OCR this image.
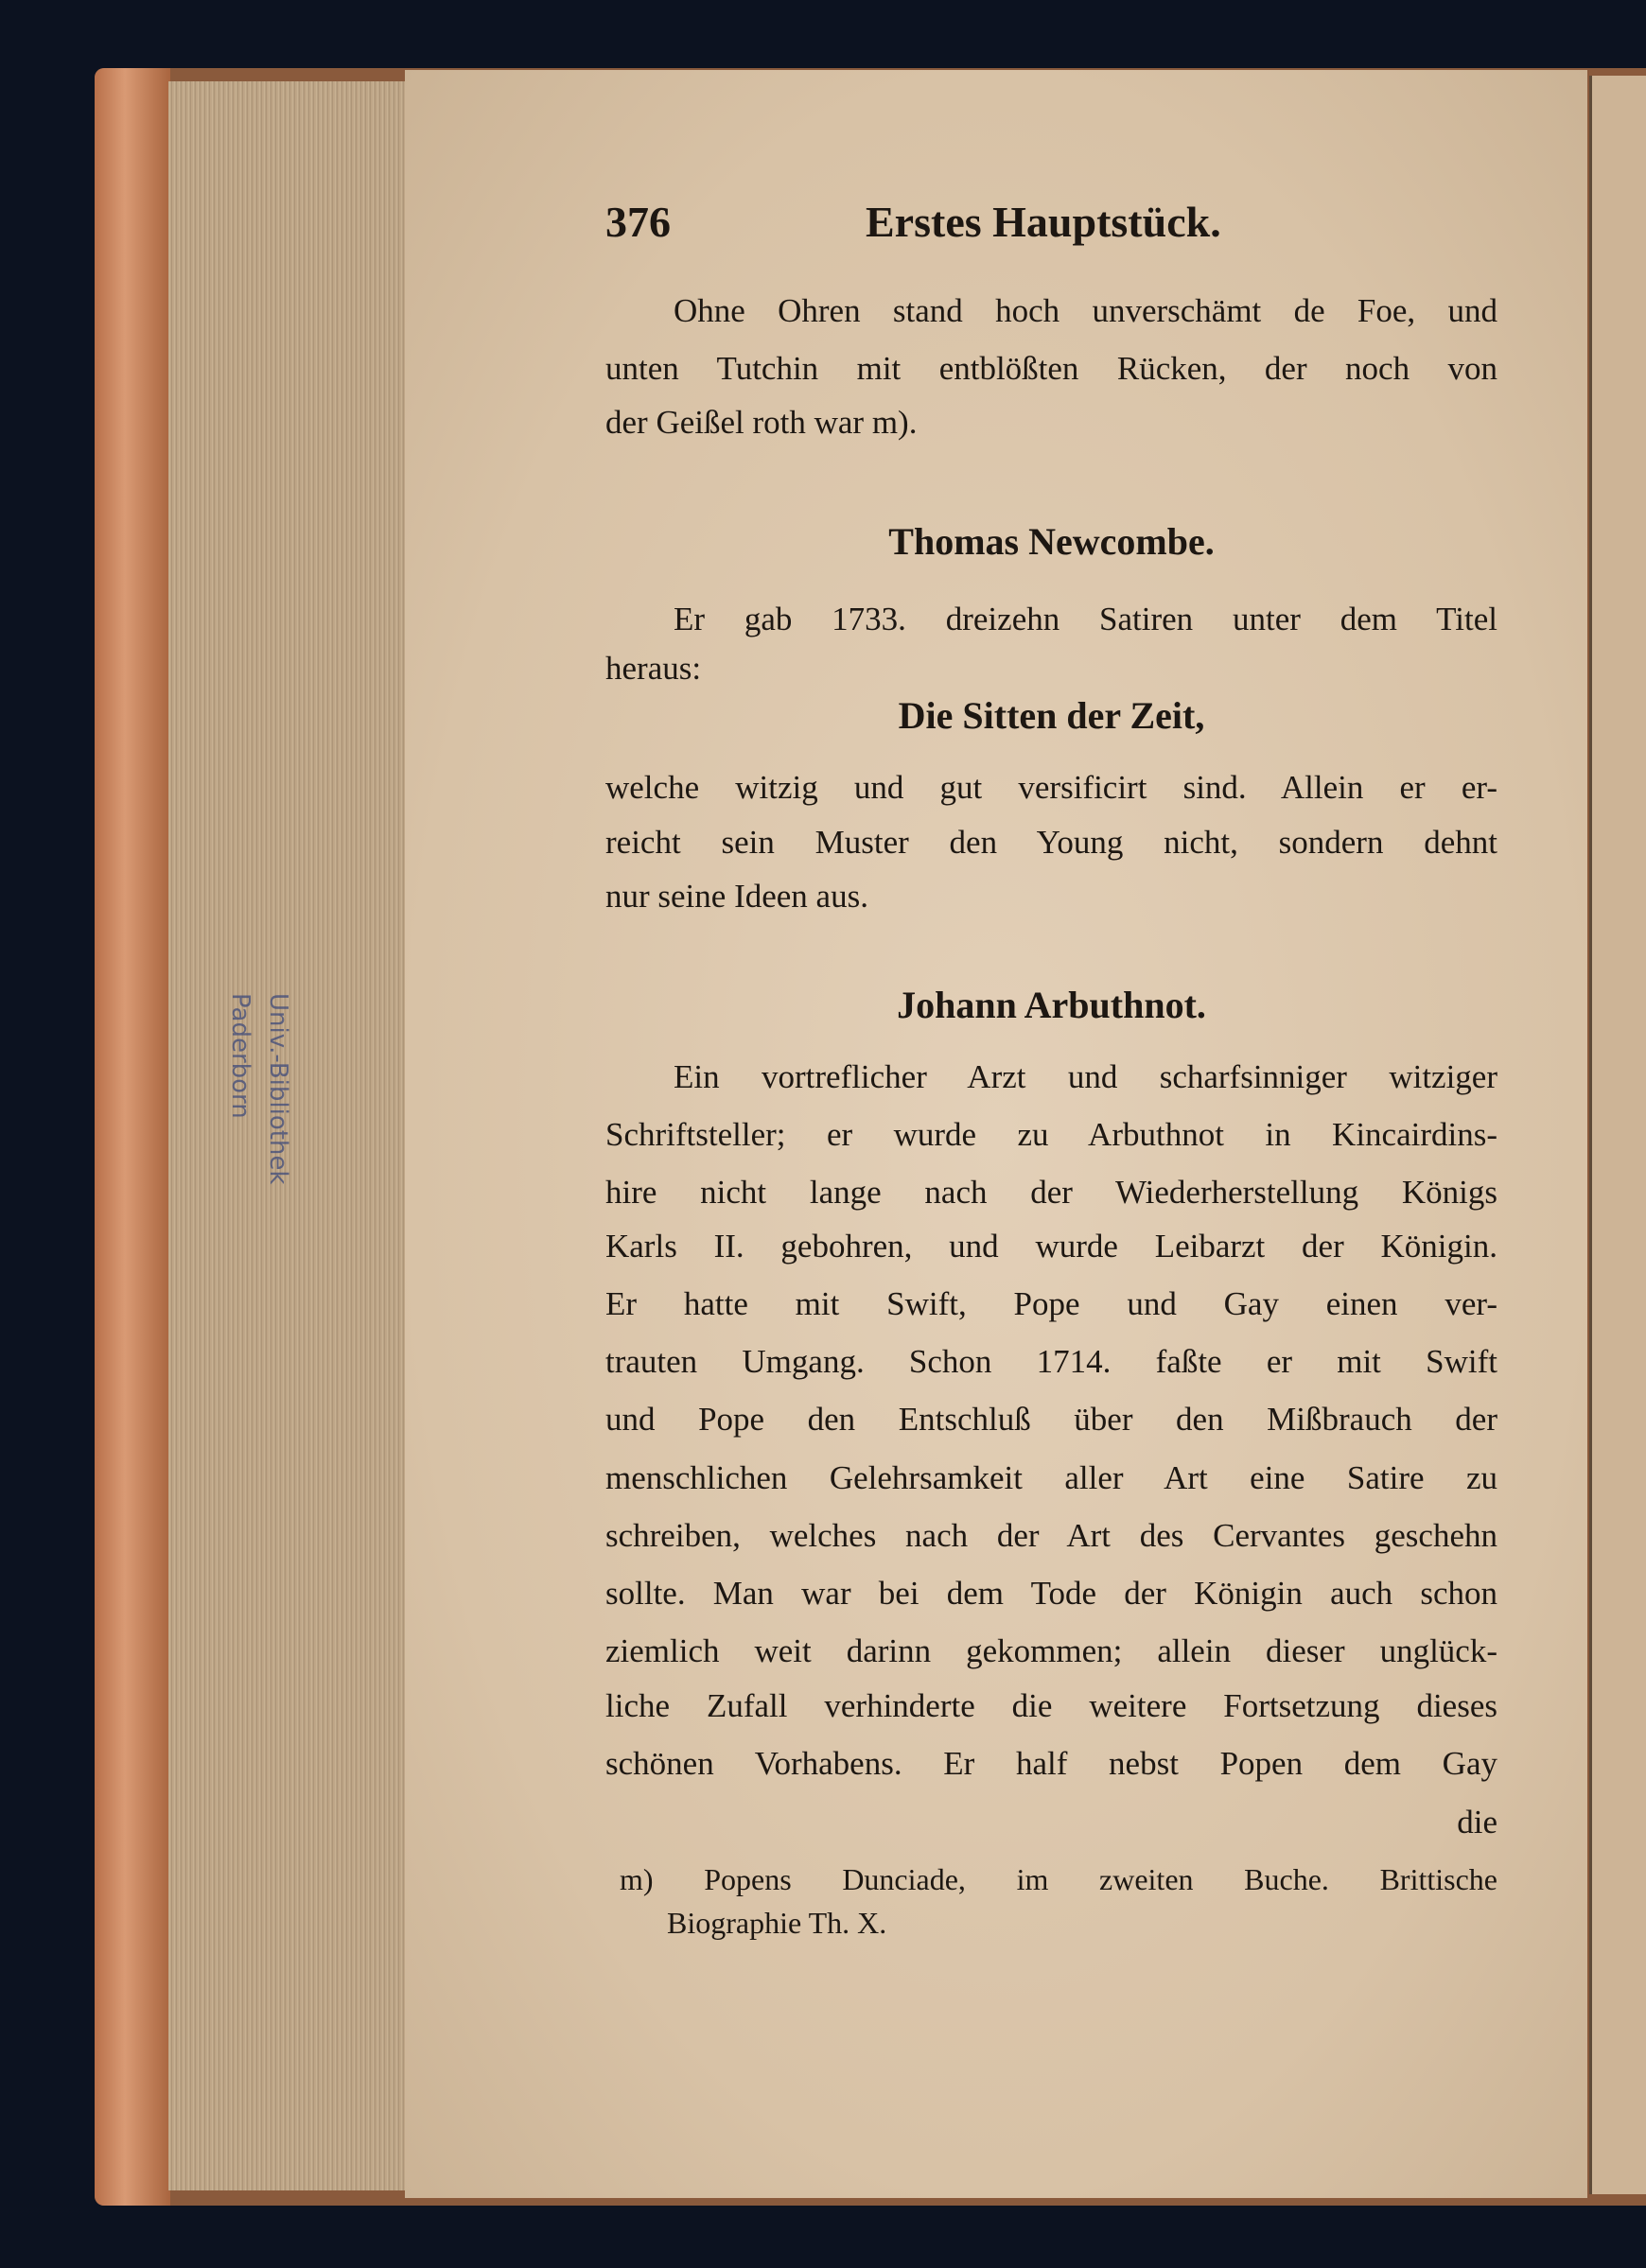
Univ.-Bibliothek
Paderborn
376	Erstes Hauptstück.
Ohne Ohren stand hoch unverschämt de Foe, und
unten Tutchin mit entblößten Rücken, der noch von
der Geißel roth war m).
Thomas Newcombe.
Er gab 1733. dreizehn Satiren unter dem Titel
heraus:
Die Sitten der Zeit,
welche witzig und gut versificirt sind. Allein er er-
reicht sein Muster den Young nicht, sondern dehnt
nur seine Ideen aus.
Johann Arbuthnot.
Ein vortreflicher Arzt und scharfsinniger witziger
Schriftsteller; er wurde zu Arbuthnot in Kincairdins-
hire nicht lange nach der Wiederherstellung Königs
Karls II. gebohren, und wurde Leibarzt der Königin.
Er hatte mit Swift, Pope und Gay einen ver-
trauten Umgang. Schon 1714. faßte er mit Swift
und Pope den Entschluß über den Mißbrauch der
menschlichen Gelehrsamkeit aller Art eine Satire zu
schreiben, welches nach der Art des Cervantes geschehn
sollte. Man war bei dem Tode der Königin auch schon
ziemlich weit darinn gekommen; allein dieser unglück-
liche Zufall verhinderte die weitere Fortsetzung dieses
schönen Vorhabens. Er half nebst Popen dem Gay
die
m) Popens Dunciade, im zweiten Buche. Brittische
Biographie Th. X.
